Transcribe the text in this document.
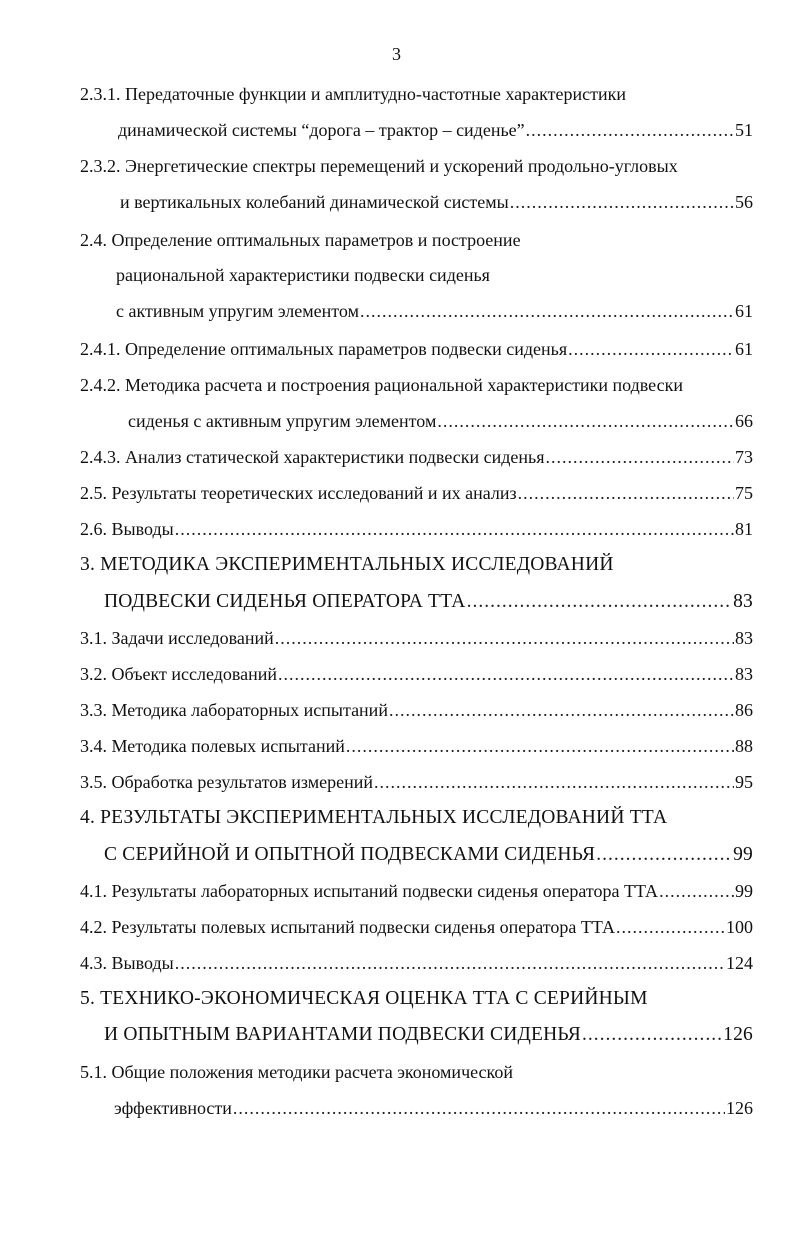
3
2.3.1. Передаточные функции и амплитудно-частотные характеристики
динамической системы “дорога – трактор – сиденье” .....	51
2.3.2. Энергетические спектры перемещений и ускорений продольно-угловых
и вертикальных колебаний динамической системы .....	56
2.4. Определение оптимальных параметров и построение
рациональной характеристики подвески сиденья
с активным упругим элементом .....	61
2.4.1. Определение оптимальных параметров подвески сиденья .....	61
2.4.2. Методика расчета и построения рациональной характеристики подвески
сиденья с активным упругим элементом .....	66
2.4.3. Анализ статической характеристики подвески сиденья .....	73
2.5. Результаты теоретических исследований и их анализ .....	75
2.6. Выводы .....	81
3. МЕТОДИКА ЭКСПЕРИМЕНТАЛЬНЫХ ИССЛЕДОВАНИЙ
ПОДВЕСКИ СИДЕНЬЯ ОПЕРАТОРА ТТА .....	83
3.1. Задачи исследований .....	83
3.2. Объект исследований .....	83
3.3. Методика лабораторных испытаний .....	86
3.4. Методика полевых испытаний .....	88
3.5. Обработка результатов измерений .....	95
4. РЕЗУЛЬТАТЫ ЭКСПЕРИМЕНТАЛЬНЫХ ИССЛЕДОВАНИЙ ТТА
С СЕРИЙНОЙ И ОПЫТНОЙ ПОДВЕСКАМИ СИДЕНЬЯ .....	99
4.1. Результаты лабораторных испытаний подвески сиденья оператора ТТА .....	99
4.2. Результаты полевых испытаний подвески сиденья оператора ТТА .....	100
4.3. Выводы .....	124
5. ТЕХНИКО-ЭКОНОМИЧЕСКАЯ ОЦЕНКА ТТА С СЕРИЙНЫМ
И ОПЫТНЫМ ВАРИАНТАМИ ПОДВЕСКИ СИДЕНЬЯ .....	126
5.1. Общие положения методики расчета экономической
эффективности .....	126
